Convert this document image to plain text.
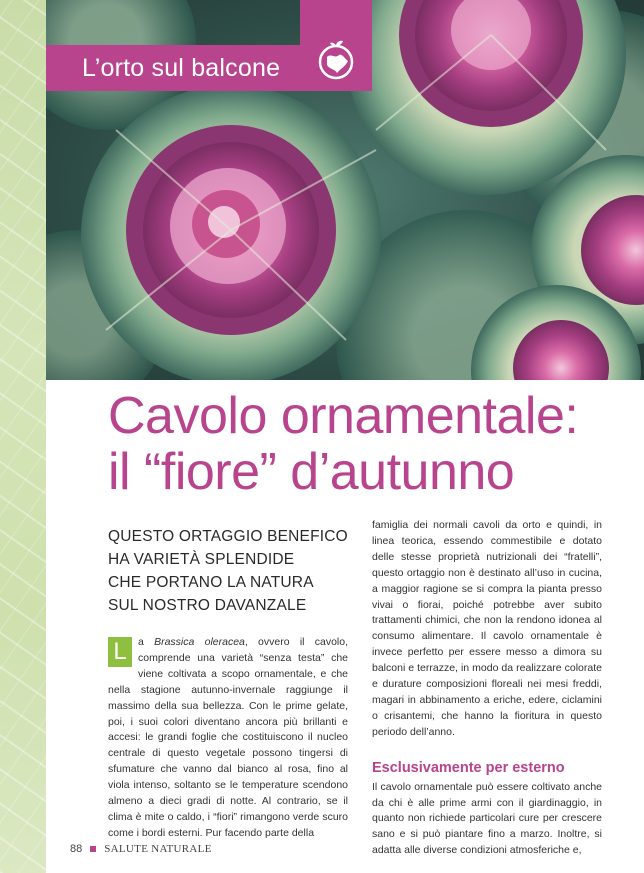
L’orto sul balcone
Cavolo ornamentale:
il “fiore” d’autunno
QUESTO ORTAGGIO BENEFICO
HA VARIETÀ SPLENDIDE
CHE PORTANO LA NATURA
SUL NOSTRO DAVANZALE
L	a Brassica oleracea, ovvero il cavolo, comprende una varietà “senza testa” che viene coltivata a scopo ornamentale, e che nella stagione autunno-invernale raggiunge il massimo della sua bellezza. Con le prime gelate, poi, i suoi colori diventano ancora più brillanti e accesi: le grandi foglie che costituiscono il nucleo centrale di questo vegetale possono tingersi di sfumature che vanno dal bianco al rosa, fino al viola intenso, soltanto se le temperature scendono almeno a dieci gradi di notte. Al contrario, se il clima è mite o caldo, i “fiori” rimangono verde scuro come i bordi esterni. Pur facendo parte della

famiglia dei normali cavoli da orto e quindi, in linea teorica, essendo commestibile e dotato delle stesse proprietà nutrizionali dei “fratelli”, questo ortaggio non è destinato all’uso in cucina, a maggior ragione se si compra la pianta presso vivai o fiorai, poiché potrebbe aver subito trattamenti chimici, che non la rendono idonea al consumo alimentare. Il cavolo ornamentale è invece perfetto per essere messo a dimora su balconi e terrazze, in modo da realizzare colorate e durature composizioni floreali nei mesi freddi, magari in abbinamento a eriche, edere, ciclamini o crisantemi, che hanno la fioritura in questo periodo dell’anno.

Esclusivamente per esterno

Il cavolo ornamentale può essere coltivato anche da chi è alle prime armi con il giardinaggio, in quanto non richiede particolari cure per crescere sano e si può piantare fino a marzo. Inoltre, si adatta alle diverse condizioni atmosferiche e,

88 SALUTE NATURALE
